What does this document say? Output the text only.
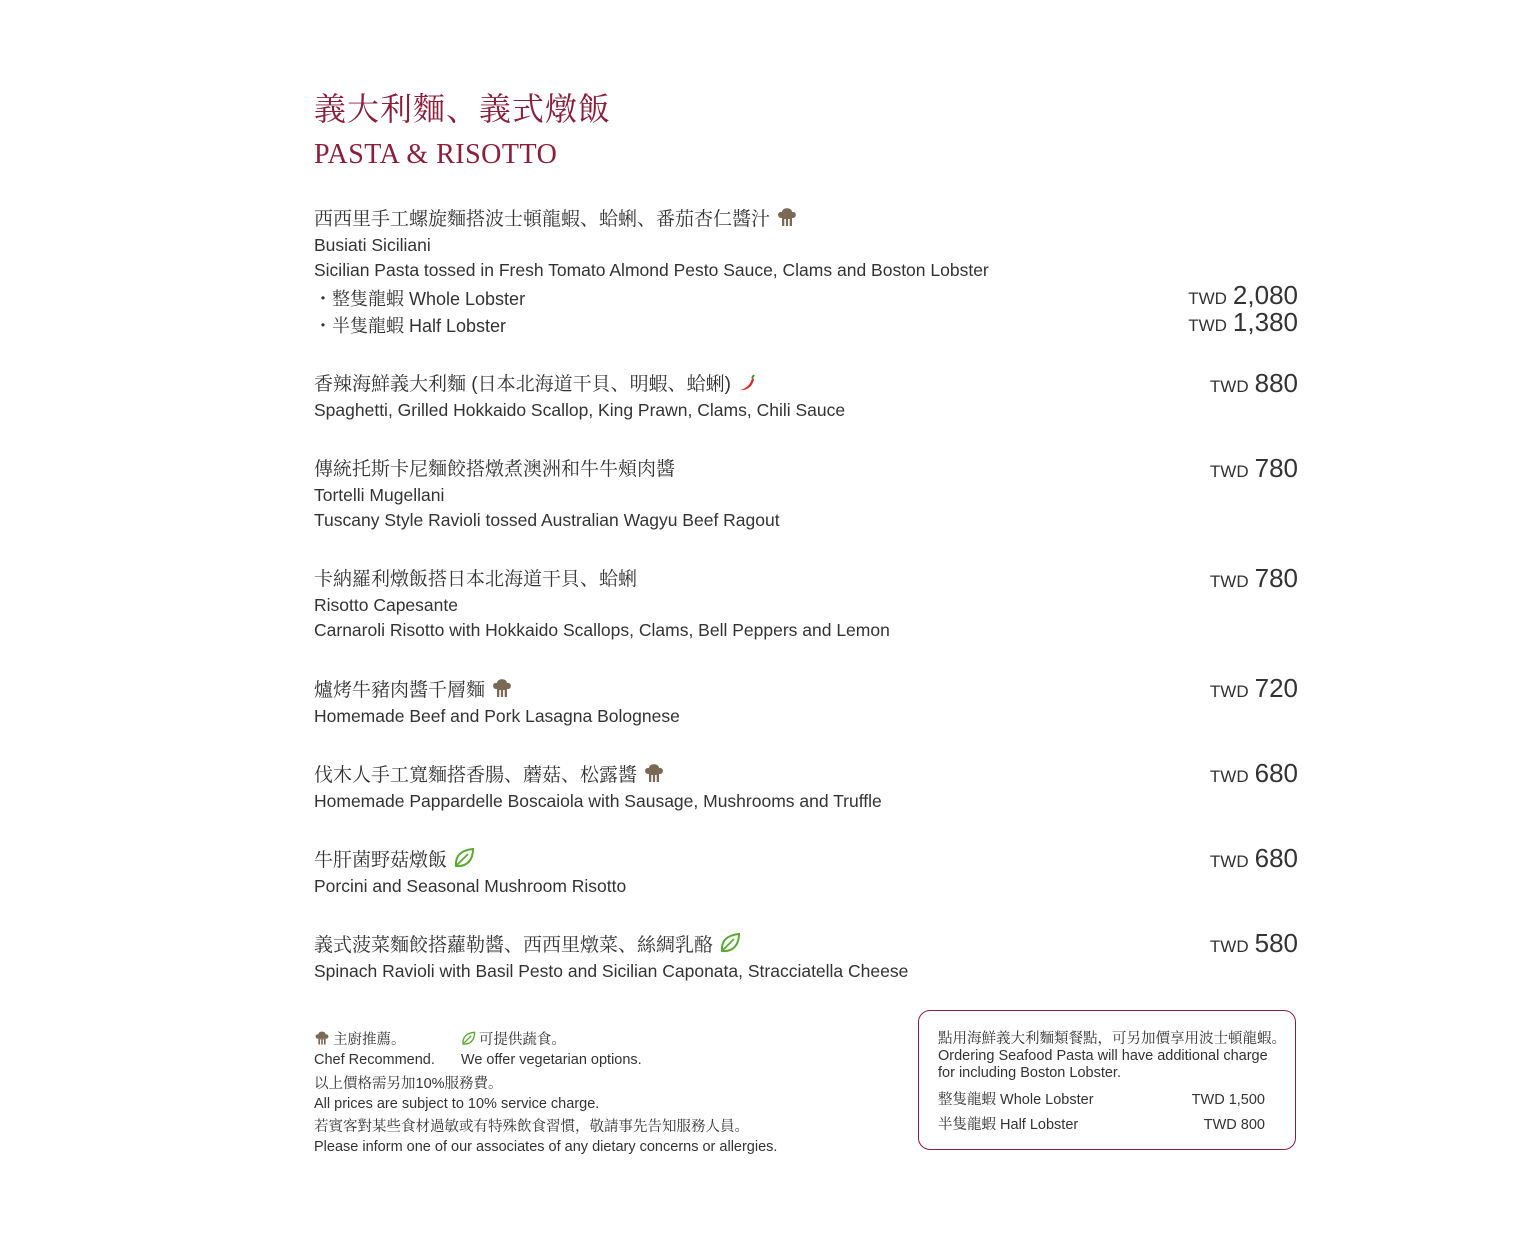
義大利麵、義式燉飯
PASTA & RISOTTO
西西里手工螺旋麵搭波士頓龍蝦、蛤蜊、番茄杏仁醬汁
Busiati Siciliani
Sicilian Pasta tossed in Fresh Tomato Almond Pesto Sauce, Clams and Boston Lobster
・整隻龍蝦 Whole Lobster	TWD 2,080
・半隻龍蝦 Half Lobster	TWD 1,380
香辣海鮮義大利麵 (日本北海道干貝、明蝦、蛤蜊)
Spaghetti, Grilled Hokkaido Scallop, King Prawn, Clams, Chili Sauce
TWD 880
傳統托斯卡尼麵餃搭燉煮澳洲和牛牛頰肉醬
Tortelli Mugellani
Tuscany Style Ravioli tossed Australian Wagyu Beef Ragout
TWD 780
卡納羅利燉飯搭日本北海道干貝、蛤蜊
Risotto Capesante
Carnaroli Risotto with Hokkaido Scallops, Clams, Bell Peppers and Lemon
TWD 780
爐烤牛豬肉醬千層麵
Homemade Beef and Pork Lasagna Bolognese
TWD 720
伐木人手工寬麵搭香腸、蘑菇、松露醬
Homemade Pappardelle Boscaiola with Sausage, Mushrooms and Truffle
TWD 680
牛肝菌野菇燉飯
Porcini and Seasonal Mushroom Risotto
TWD 680
義式菠菜麵餃搭蘿勒醬、西西里燉菜、絲綢乳酪
Spinach Ravioli with Basil Pesto and Sicilian Caponata, Stracciatella Cheese
TWD 580
主廚推薦。
Chef Recommend.
可提供蔬食。
We offer vegetarian options.
以上價格需另加10%服務費。
All prices are subject to 10% service charge.
若賓客對某些食材過敏或有特殊飲食習慣，敬請事先告知服務人員。
Please inform one of our associates of any dietary concerns or allergies.
點用海鮮義大利麵類餐點，可另加價享用波士頓龍蝦。
Ordering Seafood Pasta will have additional charge
for including Boston Lobster.
整隻龍蝦 Whole Lobster	TWD 1,500
半隻龍蝦 Half Lobster	TWD 800
